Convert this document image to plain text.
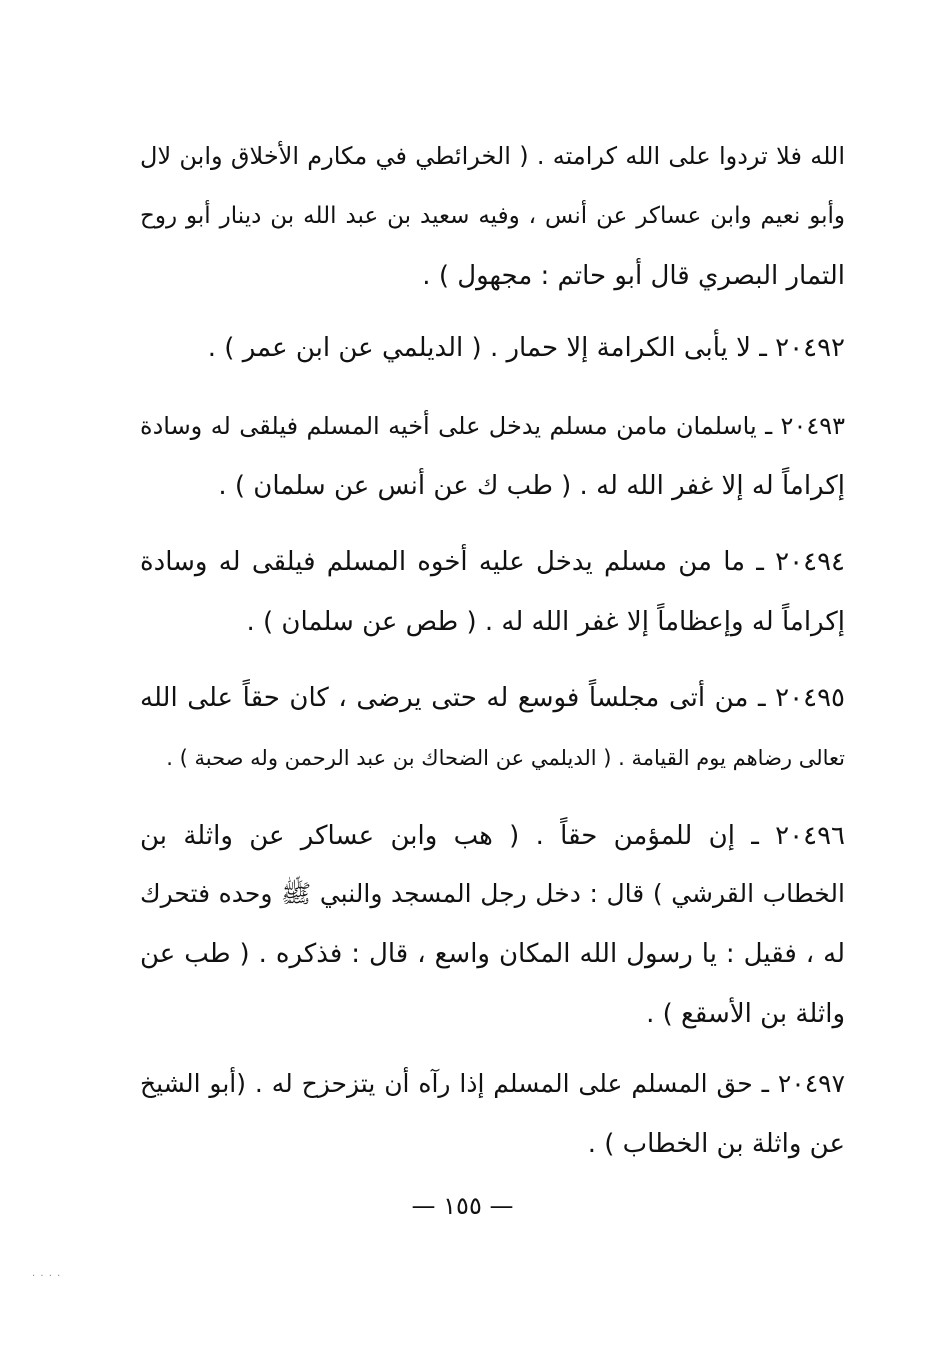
الله فلا تردوا على الله كرامته . ( الخرائطي في مكارم الأخلاق وابن لال
وأبو نعيم وابن عساكر عن أنس ، وفيه سعيد بن عبد الله بن دينار أبو روح
التمار البصري قال أبو حاتم : مجهول ) .
٢٠٤٩٢ ـ لا يأبى الكرامة إلا حمار . ( الديلمي عن ابن عمر ) .
٢٠٤٩٣ ـ ياسلمان مامن مسلم يدخل على أخيه المسلم فيلقى له وسادة
إكراماً له إلا غفر الله له . ( طب ك عن أنس عن سلمان ) .
٢٠٤٩٤ ـ ما من مسلم يدخل عليه أخوه المسلم فيلقى له وسادة
إكراماً له وإعظاماً إلا غفر الله له . ( طص عن سلمان ) .
٢٠٤٩٥ ـ من أتى مجلساً فوسع له حتى يرضى ، كان حقاً على الله
تعالى رضاهم يوم القيامة . ( الديلمي عن الضحاك بن عبد الرحمن وله صحبة ) .
٢٠٤٩٦ ـ إن للمؤمن حقاً . ( هب وابن عساكر عن واثلة بن
الخطاب القرشي ) قال : دخل رجل المسجد والنبي ﷺ وحده فتحرك
له ، فقيل : يا رسول الله المكان واسع ، قال : فذكره . ( طب عن
واثلة بن الأسقع ) .
٢٠٤٩٧ ـ حق المسلم على المسلم إذا رآه أن يتزحزح له . (أبو الشيخ
عن واثلة بن الخطاب ) .
— ١٥٥ —
. . . .
